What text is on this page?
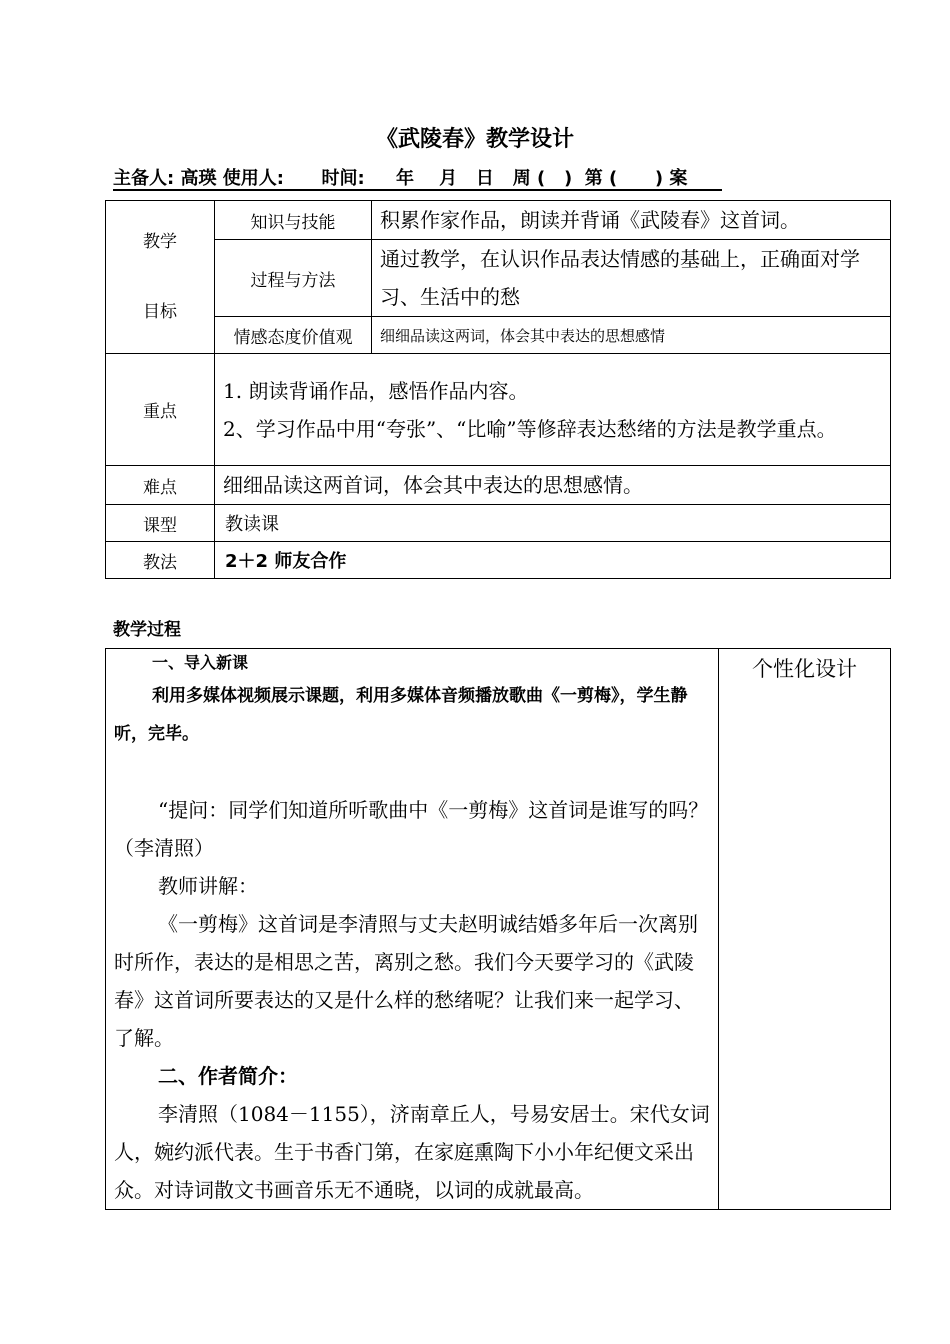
《武陵春》教学设计
主备人: 高瑛 使用人:      时间:     年    月   日   周 (   )  第 (      ) 案
教学
目标	知识与技能	积累作家作品，朗读并背诵《武陵春》这首词。
	过程与方法	通过教学，在认识作品表达情感的基础上，正确面对学习、生活中的愁
	情感态度价值观	细细品读这两词，体会其中表达的思想感情
重点	1. 朗读背诵作品，感悟作品内容。
2、学习作品中用“夸张”、“比喻”等修辞表达愁绪的方法是教学重点。	

难点	细细品读这两首词，体会其中表达的思想感情。	
课型	教读课	
教法	2＋2 师友合作	
教学过程

一、导入新课

利用多媒体视频展示课题，利用多媒体音频播放歌曲《一剪梅》，学生静听，完毕。

“提问：同学们知道所听歌曲中《一剪梅》这首词是谁写的吗？（李清照）

教师讲解：

《一剪梅》这首词是李清照与丈夫赵明诚结婚多年后一次离别时所作，表达的是相思之苦，离别之愁。我们今天要学习的《武陵春》这首词所要表达的又是什么样的愁绪呢？让我们来一起学习、了解。

二、作者简介：

李清照（1084－1155），济南章丘人，号易安居士。宋代女词人，婉约派代表。生于书香门第，在家庭熏陶下小小年纪便文采出众。对诗词散文书画音乐无不通晓，以词的成就最高。

	个性化设计
